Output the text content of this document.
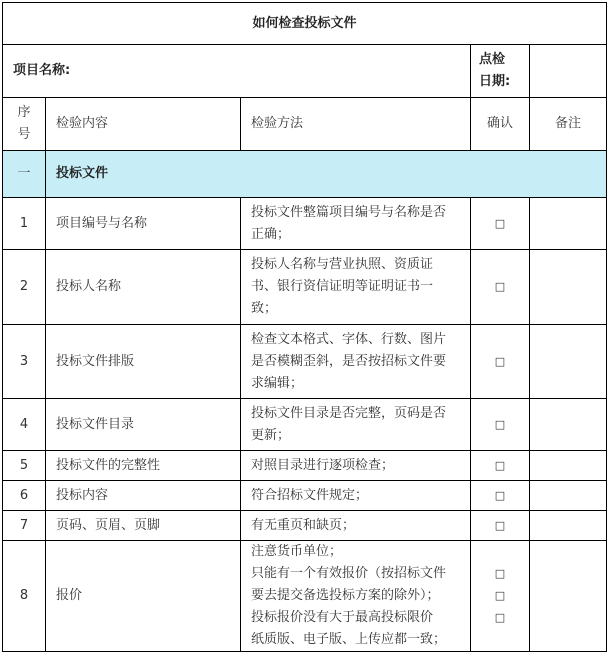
如何检查投标文件				
项目名称:			点检
日期:	

序
号	检验内容	检验方法	确认	备注
一	投标文件			
1	项目编号与名称	投标文件整篇项目编号与名称是否
正确；	□	

2	投标人名称	投标人名称与营业执照、资质证
书、银行资信证明等证明证书一
致；	□	

3	投标文件排版	检查文本格式、字体、行数、图片
是否模糊歪斜，是否按招标文件要
求编辑；	□	

4	投标文件目录	投标文件目录是否完整，页码是否
更新；	□	

5	投标文件的完整性	对照目录进行逐项检查；	□	

6	投标内容	符合招标文件规定；	□	

7	页码、页眉、页脚	有无重页和缺页；	□	

8	报价	注意货币单位；
只能有一个有效报价（按招标文件
要去提交备选投标方案的除外）；
投标报价没有大于最高投标限价
纸质版、电子版、上传应都一致；	□
□
□	
